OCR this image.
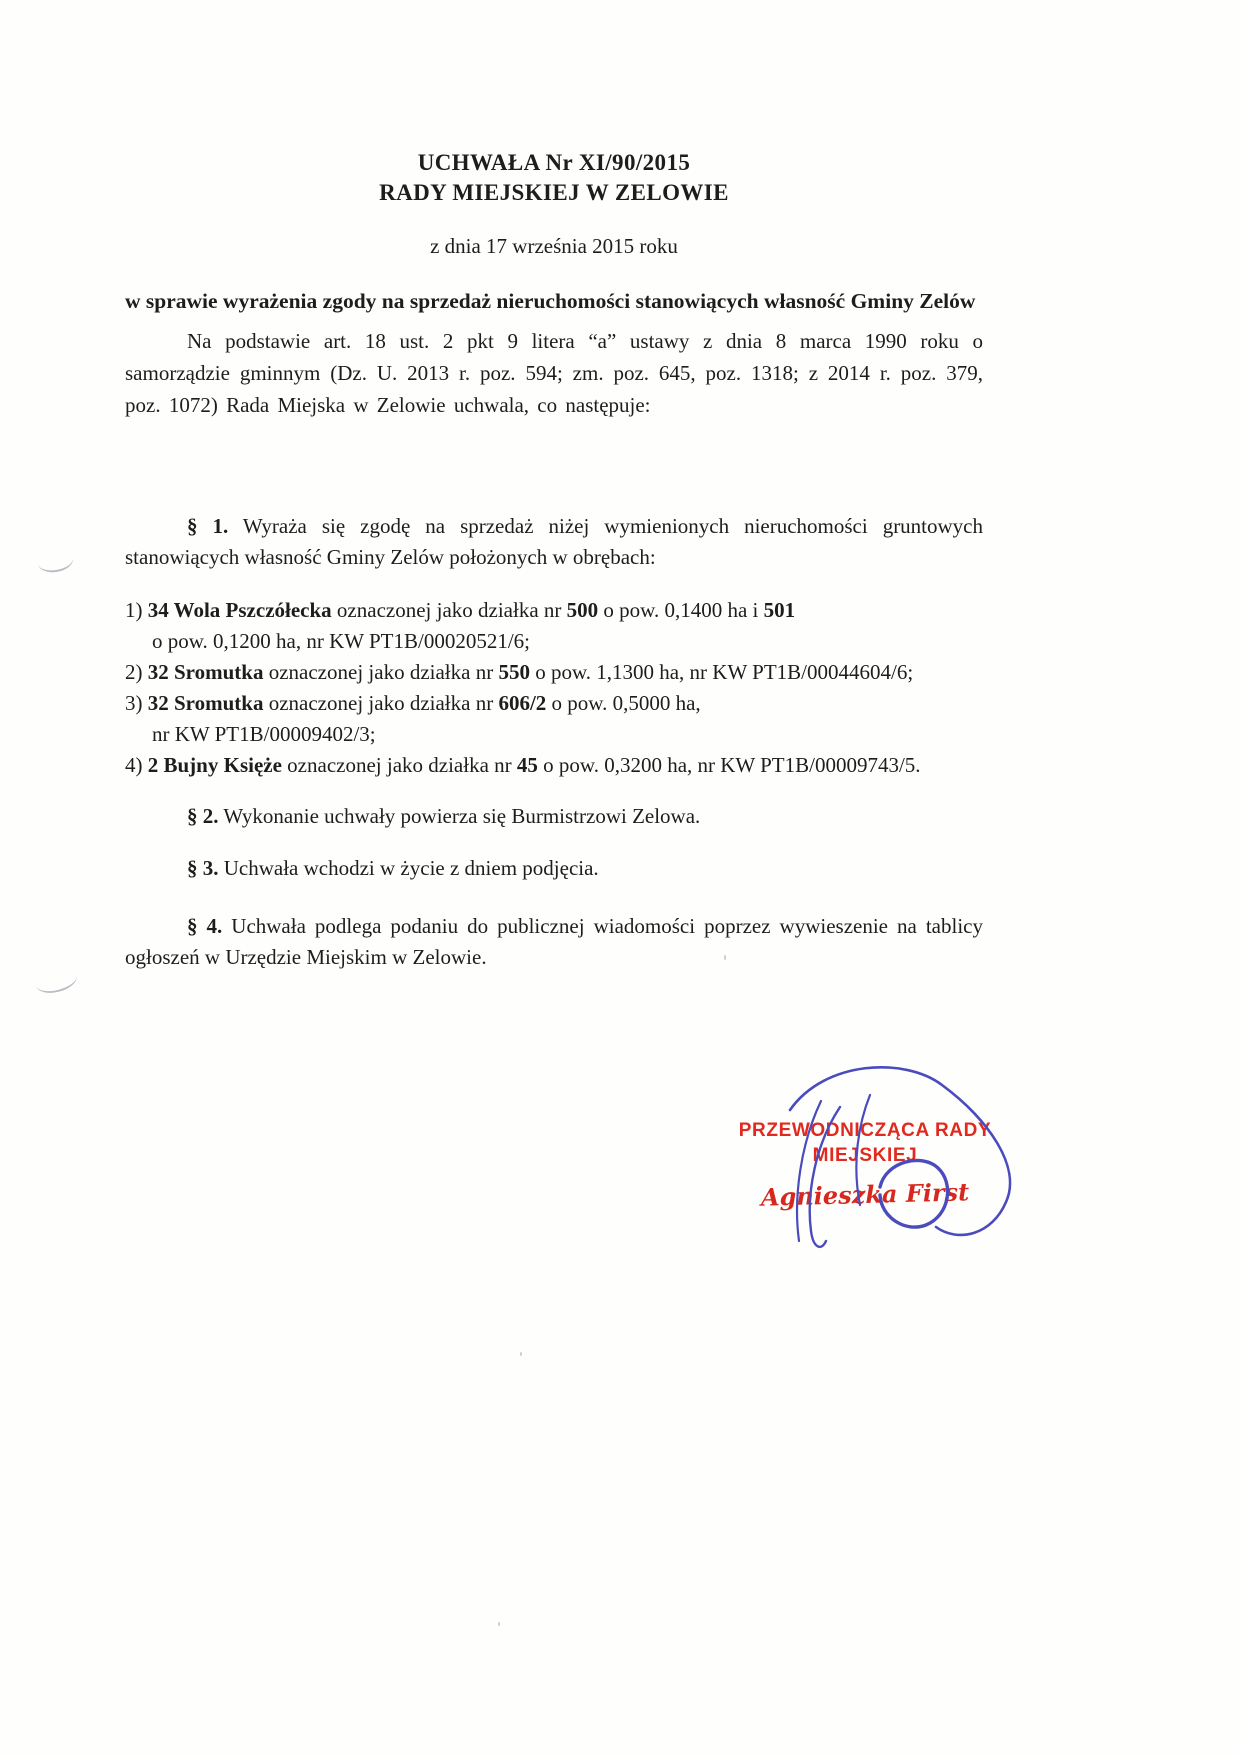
UCHWAŁA Nr XI/90/2015
RADY MIEJSKIEJ W ZELOWIE
z dnia 17 września 2015 roku
w sprawie wyrażenia zgody na sprzedaż nieruchomości stanowiących własność Gminy Zelów
Na podstawie art. 18 ust. 2 pkt 9 litera “a” ustawy z dnia 8 marca 1990 roku o samorządzie gminnym (Dz. U. 2013 r. poz. 594; zm. poz. 645, poz. 1318; z 2014 r. poz. 379, poz. 1072) Rada Miejska w Zelowie uchwala, co następuje:
§ 1. Wyraża się zgodę na sprzedaż niżej wymienionych nieruchomości gruntowych stanowiących własność Gminy Zelów położonych w obrębach:
1) 34 Wola Pszczółecka oznaczonej jako działka nr 500 o pow. 0,1400 ha i 501
o pow. 0,1200 ha, nr KW PT1B/00020521/6;
2) 32 Sromutka oznaczonej jako działka nr 550 o pow. 1,1300 ha, nr KW PT1B/00044604/6;
3) 32 Sromutka oznaczonej jako działka nr 606/2 o pow. 0,5000 ha,
nr KW PT1B/00009402/3;
4) 2 Bujny Księże oznaczonej jako działka nr 45 o pow. 0,3200 ha, nr KW PT1B/00009743/5.
§ 2. Wykonanie uchwały powierza się Burmistrzowi Zelowa.
§ 3. Uchwała wchodzi w życie z dniem podjęcia.
§ 4. Uchwała podlega podaniu do publicznej wiadomości poprzez wywieszenie na tablicy ogłoszeń w Urzędzie Miejskim w Zelowie.
PRZEWODNICZĄCA RADY
MIEJSKIEJ
Agnieszka First
